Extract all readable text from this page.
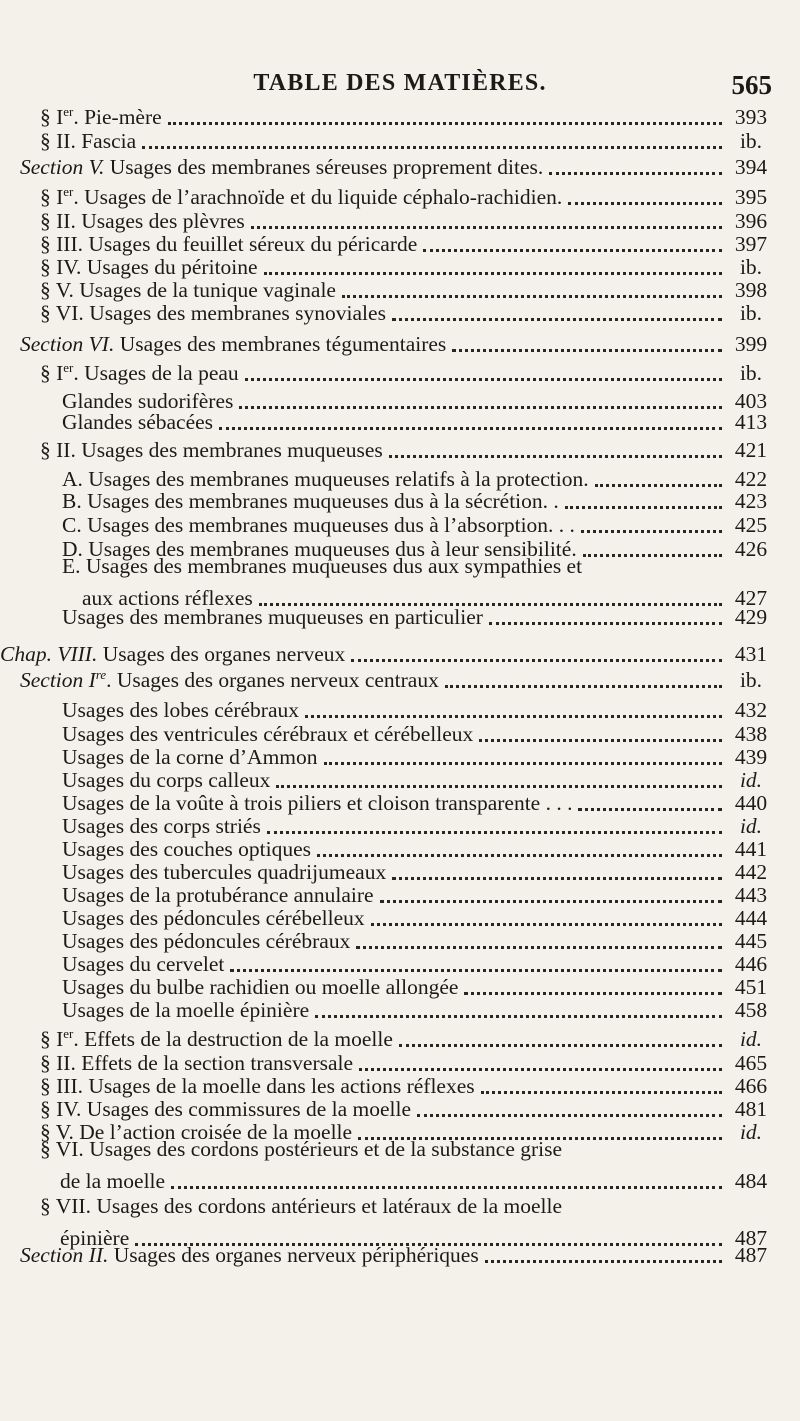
TABLE DES MATIÈRES.	565
§ Ier. Pie-mère	393
§ II. Fascia	ib.
Section V. Usages des membranes séreuses proprement dites.	394
§ Ier. Usages de l’arachnoïde et du liquide céphalo-rachidien.	395
§ II. Usages des plèvres	396
§ III. Usages du feuillet séreux du péricarde	397
§ IV. Usages du péritoine	ib.
§ V. Usages de la tunique vaginale	398
§ VI. Usages des membranes synoviales	ib.
Section VI. Usages des membranes tégumentaires	399
§ Ier. Usages de la peau	ib.
Glandes sudorifères	403
Glandes sébacées	413
§ II. Usages des membranes muqueuses	421
A. Usages des membranes muqueuses relatifs à la protection.	422
B. Usages des membranes muqueuses dus à la sécrétion. .	423
C. Usages des membranes muqueuses dus à l’absorption. . .	425
D. Usages des membranes muqueuses dus à leur sensibilité.	426
E. Usages des membranes muqueuses dus aux sympathies et
aux actions réflexes	427
Usages des membranes muqueuses en particulier	429
Chap. VIII. Usages des organes nerveux	431
Section Ire. Usages des organes nerveux centraux	ib.
Usages des lobes cérébraux	432
Usages des ventricules cérébraux et cérébelleux	438
Usages de la corne d’Ammon	439
Usages du corps calleux	id.
Usages de la voûte à trois piliers et cloison transparente . . .	440
Usages des corps striés	id.
Usages des couches optiques	441
Usages des tubercules quadrijumeaux	442
Usages de la protubérance annulaire	443
Usages des pédoncules cérébelleux	444
Usages des pédoncules cérébraux	445
Usages du cervelet	446
Usages du bulbe rachidien ou moelle allongée	451
Usages de la moelle épinière	458
§ Ier. Effets de la destruction de la moelle	id.
§ II. Effets de la section transversale	465
§ III. Usages de la moelle dans les actions réflexes	466
§ IV. Usages des commissures de la moelle	481
§ V. De l’action croisée de la moelle	id.
§ VI. Usages des cordons postérieurs et de la substance grise
de la moelle	484
§ VII. Usages des cordons antérieurs et latéraux de la moelle
épinière	487
Section II. Usages des organes nerveux périphériques	487
